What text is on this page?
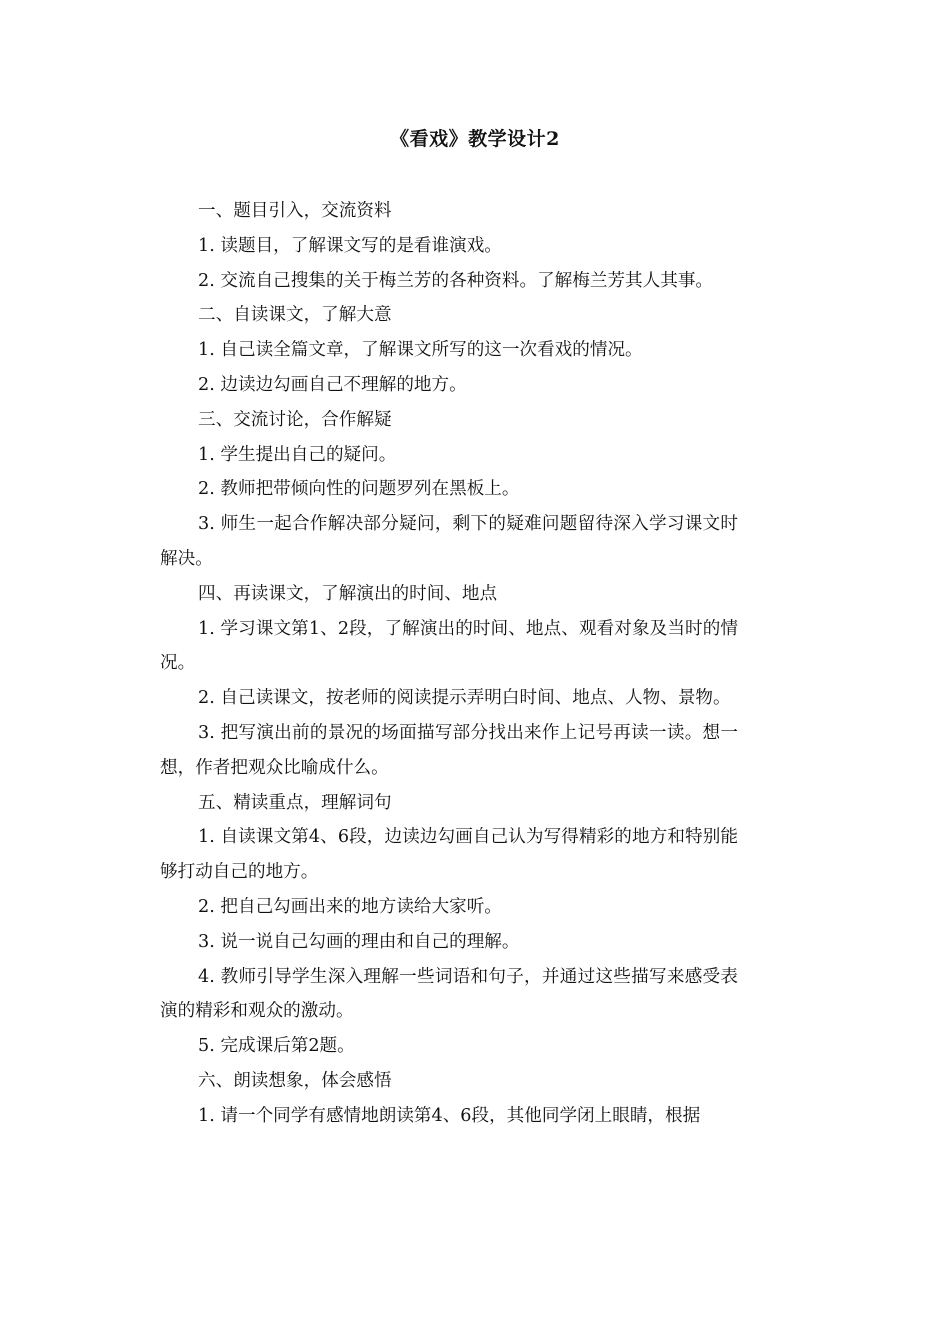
《看戏》教学设计2

一、题目引入，交流资料

1. 读题目，了解课文写的是看谁演戏。

2. 交流自己搜集的关于梅兰芳的各种资料。了解梅兰芳其人其事。

二、自读课文，了解大意

1. 自己读全篇文章，了解课文所写的这一次看戏的情况。

2. 边读边勾画自己不理解的地方。

三、交流讨论，合作解疑

1. 学生提出自己的疑问。

2. 教师把带倾向性的问题罗列在黑板上。

3. 师生一起合作解决部分疑问，剩下的疑难问题留待深入学习课文时解决。

四、再读课文，了解演出的时间、地点

1. 学习课文第1、2段，了解演出的时间、地点、观看对象及当时的情况。

2. 自己读课文，按老师的阅读提示弄明白时间、地点、人物、景物。

3. 把写演出前的景况的场面描写部分找出来作上记号再读一读。想一想，作者把观众比喻成什么。

五、精读重点，理解词句

1. 自读课文第4、6段，边读边勾画自己认为写得精彩的地方和特别能够打动自己的地方。

2. 把自己勾画出来的地方读给大家听。

3. 说一说自己勾画的理由和自己的理解。

4. 教师引导学生深入理解一些词语和句子，并通过这些描写来感受表演的精彩和观众的激动。

5. 完成课后第2题。

六、朗读想象，体会感悟

1. 请一个同学有感情地朗读第4、6段，其他同学闭上眼睛，根据
